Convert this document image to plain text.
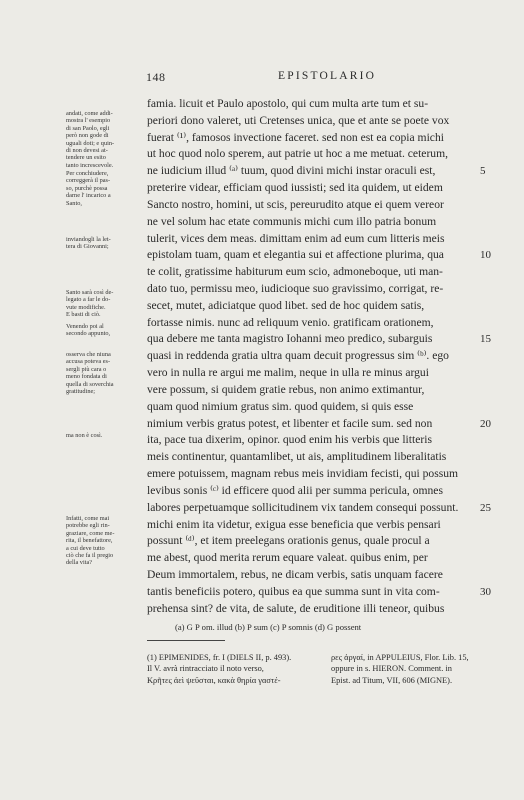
148	EPISTOLARIO
andati, come addi-
mostra l' esempio
di san Paolo, egli
però non gode di
uguali doti; e quin-
di non devesi at-
tendere un esito
tanto increscevole.
Per conchiudere,
correggerà il pas-
so, purchè possa
darne l' incarico a
Santo,
inviandogli la let-
tera di Giovanni;
Santo sarà così de-
legato a far le do-
vute modifiche.
E basti di ciò.
Venendo poi al
secondo appunto,
osserva che niuna
accusa poteva es-
sergli più cara o
meno fondata di
quella di soverchia
gratitudine;
ma non è così.
Infatti, come mai
potrebbe egli rin-
graziare, come me-
rita, il benefattore,
a cui deve tutto
ciò che fa il pregio
della vita?
famia. licuit et Paulo apostolo, qui cum multa arte tum et su-
periori dono valeret, uti Cretenses unica, que et ante se poete vox
fuerat ⁽¹⁾, famosos invectione faceret. sed non est ea copia michi
ut hoc quod nolo sperem, aut patrie ut hoc a me metuat. ceterum,
ne iudicium illud ⁽ᵃ⁾ tuum, quod divini michi instar oraculi est,
preterire videar, efficiam quod iussisti; sed ita quidem, ut eidem
Sancto nostro, homini, ut scis, pereurudito atque ei quem vereor
ne vel solum hac etate communis michi cum illo patria bonum
tulerit, vices dem meas. dimittam enim ad eum cum litteris meis
epistolam tuam, quam et elegantia sui et affectione plurima, qua
te colit, gratissime habiturum eum scio, admoneboque, uti man-
dato tuo, permissu meo, iudicioque suo gravissimo, corrigat, re-
secet, mutet, adiciatque quod libet. sed de hoc quidem satis,
fortasse nimis. nunc ad reliquum venio. gratificam orationem,
qua debere me tanta magistro Iohanni meo predico, subarguis
quasi in reddenda gratia ultra quam decuit progressus sim ⁽ᵇ⁾. ego
vero in nulla re argui me malim, neque in ulla re minus argui
vere possum, si quidem gratie rebus, non animo extimantur,
quam quod nimium gratus sim. quod quidem, si quis esse
nimium verbis gratus potest, et libenter et facile sum. sed non
ita, pace tua dixerim, opinor. quod enim his verbis que litteris
meis continentur, quantamlibet, ut ais, amplitudinem liberalitatis
emere potuissem, magnam rebus meis invidiam fecisti, qui possum
levibus sonis ⁽ᶜ⁾ id efficere quod alii per summa pericula, omnes
labores perpetuamque sollicitudinem vix tandem consequi possunt.
michi enim ita videtur, exigua esse beneficia que verbis pensari
possunt ⁽ᵈ⁾, et item preelegans orationis genus, quale procul a
me abest, quod merita rerum equare valeat. quibus enim, per
Deum immortalem, rebus, ne dicam verbis, satis unquam facere
tantis beneficiis potero, quibus ea que summa sunt in vita com-
prehensa sint? de vita, de salute, de eruditione illi teneor, quibus
5
10
15
20
25
30
(a) G P om. illud (b) P sum (c) P somnis (d) G possent
(1) EPIMENIDES, fr. I (DIELS II, p. 493).
Il V. avrà rintracciato il noto verso,
Κρῆτες ἀεὶ ψεῦσται, κακὰ θηρία γαστέ-
ρες ἀργαί, in APPULEIUS, Flor. Lib. 15,
oppure in s. HIERON. Comment. in
Epist. ad Titum, VII, 606 (MIGNE).
